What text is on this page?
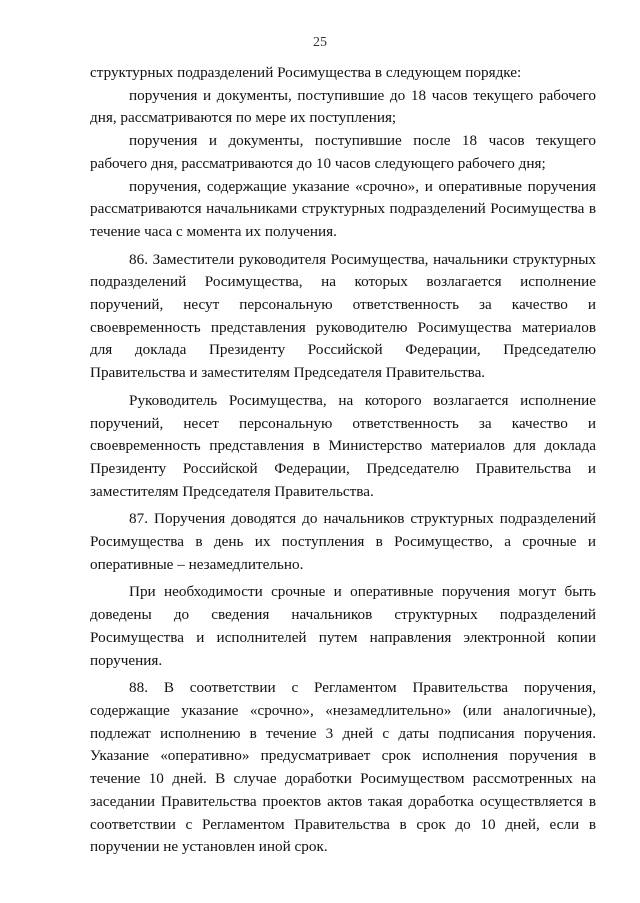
25

структурных подразделений Росимущества в следующем порядке:

поручения и документы, поступившие до 18 часов текущего рабочего дня, рассматриваются по мере их поступления;

поручения и документы, поступившие после 18 часов текущего рабочего дня, рассматриваются до 10 часов следующего рабочего дня;

поручения, содержащие указание «срочно», и оперативные поручения рассматриваются начальниками структурных подразделений Росимущества в течение часа с момента их получения.

86. Заместители руководителя Росимущества, начальники структурных подразделений Росимущества, на которых возлагается исполнение поручений, несут персональную ответственность за качество и своевременность представления руководителю Росимущества материалов для доклада Президенту Российской Федерации, Председателю Правительства и заместителям Председателя Правительства.

Руководитель Росимущества, на которого возлагается исполнение поручений, несет персональную ответственность за качество и своевременность представления в Министерство материалов для доклада Президенту Российской Федерации, Председателю Правительства и заместителям Председателя Правительства.

87. Поручения доводятся до начальников структурных подразделений Росимущества в день их поступления в Росимущество, а срочные и оперативные – незамедлительно.

При необходимости срочные и оперативные поручения могут быть доведены до сведения начальников структурных подразделений Росимущества и исполнителей путем направления электронной копии поручения.

88. В соответствии с Регламентом Правительства поручения, содержащие указание «срочно», «незамедлительно» (или аналогичные), подлежат исполнению в течение 3 дней с даты подписания поручения. Указание «оперативно» предусматривает срок исполнения поручения в течение 10 дней. В случае доработки Росимуществом рассмотренных на заседании Правительства проектов актов такая доработка осуществляется в соответствии с Регламентом Правительства в срок до 10 дней, если в поручении не установлен иной срок.
